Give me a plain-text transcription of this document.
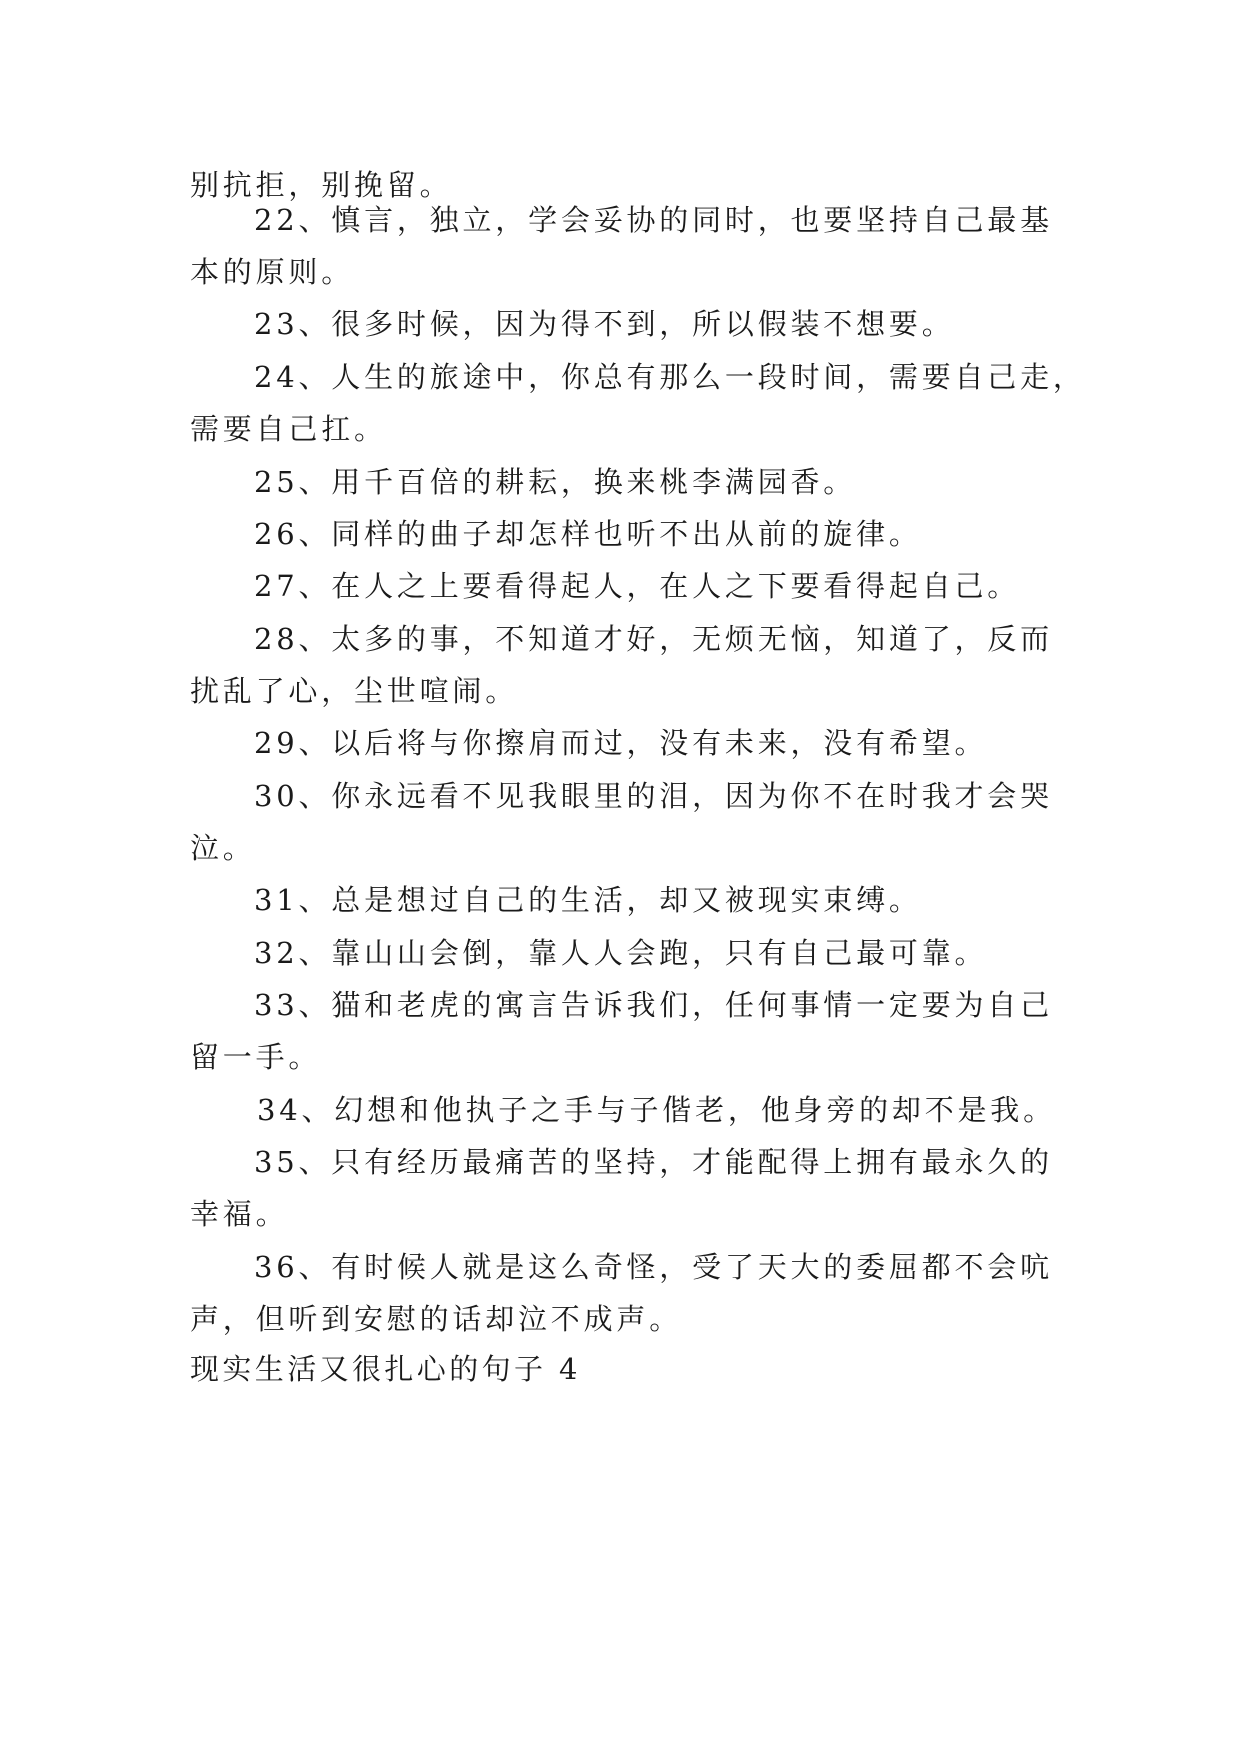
别抗拒，别挽留。
22、慎言，独立，学会妥协的同时，也要坚持自己最基
本的原则。
23、很多时候，因为得不到，所以假装不想要。
24、人生的旅途中，你总有那么一段时间，需要自己走，
需要自己扛。
25、用千百倍的耕耘，换来桃李满园香。
26、同样的曲子却怎样也听不出从前的旋律。
27、在人之上要看得起人，在人之下要看得起自己。
28、太多的事，不知道才好，无烦无恼，知道了，反而
扰乱了心，尘世喧闹。
29、以后将与你擦肩而过，没有未来，没有希望。
30、你永远看不见我眼里的泪，因为你不在时我才会哭
泣。
31、总是想过自己的生活，却又被现实束缚。
32、靠山山会倒，靠人人会跑，只有自己最可靠。
33、猫和老虎的寓言告诉我们，任何事情一定要为自己
留一手。
34、幻想和他执子之手与子偕老，他身旁的却不是我。
35、只有经历最痛苦的坚持，才能配得上拥有最永久的
幸福。
36、有时候人就是这么奇怪，受了天大的委屈都不会吭
声，但听到安慰的话却泣不成声。
现实生活又很扎心的句子 4
